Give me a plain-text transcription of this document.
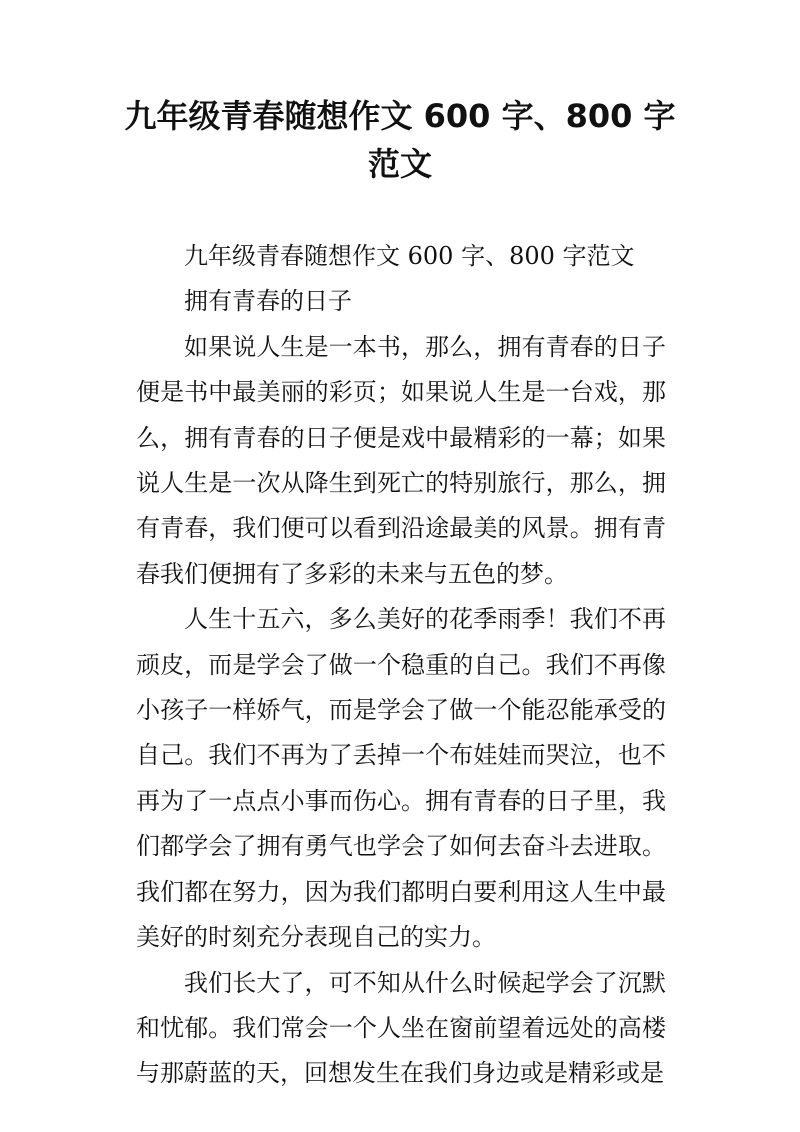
九年级青春随想作文 600 字、800 字范文

九年级青春随想作文 600 字、800 字范文

拥有青春的日子

如果说人生是一本书，那么，拥有青春的日子便是书中最美丽的彩页；如果说人生是一台戏，那么，拥有青春的日子便是戏中最精彩的一幕；如果说人生是一次从降生到死亡的特别旅行，那么，拥有青春，我们便可以看到沿途最美的风景。拥有青春我们便拥有了多彩的未来与五色的梦。

人生十五六，多么美好的花季雨季！我们不再顽皮，而是学会了做一个稳重的自己。我们不再像小孩子一样娇气，而是学会了做一个能忍能承受的自己。我们不再为了丢掉一个布娃娃而哭泣，也不再为了一点点小事而伤心。拥有青春的日子里，我们都学会了拥有勇气也学会了如何去奋斗去进取。我们都在努力，因为我们都明白要利用这人生中最美好的时刻充分表现自己的实力。

我们长大了，可不知从什么时候起学会了沉默和忧郁。我们常会一个人坐在窗前望着远处的高楼与那蔚蓝的天，回想发生在我们身边或是精彩或是
